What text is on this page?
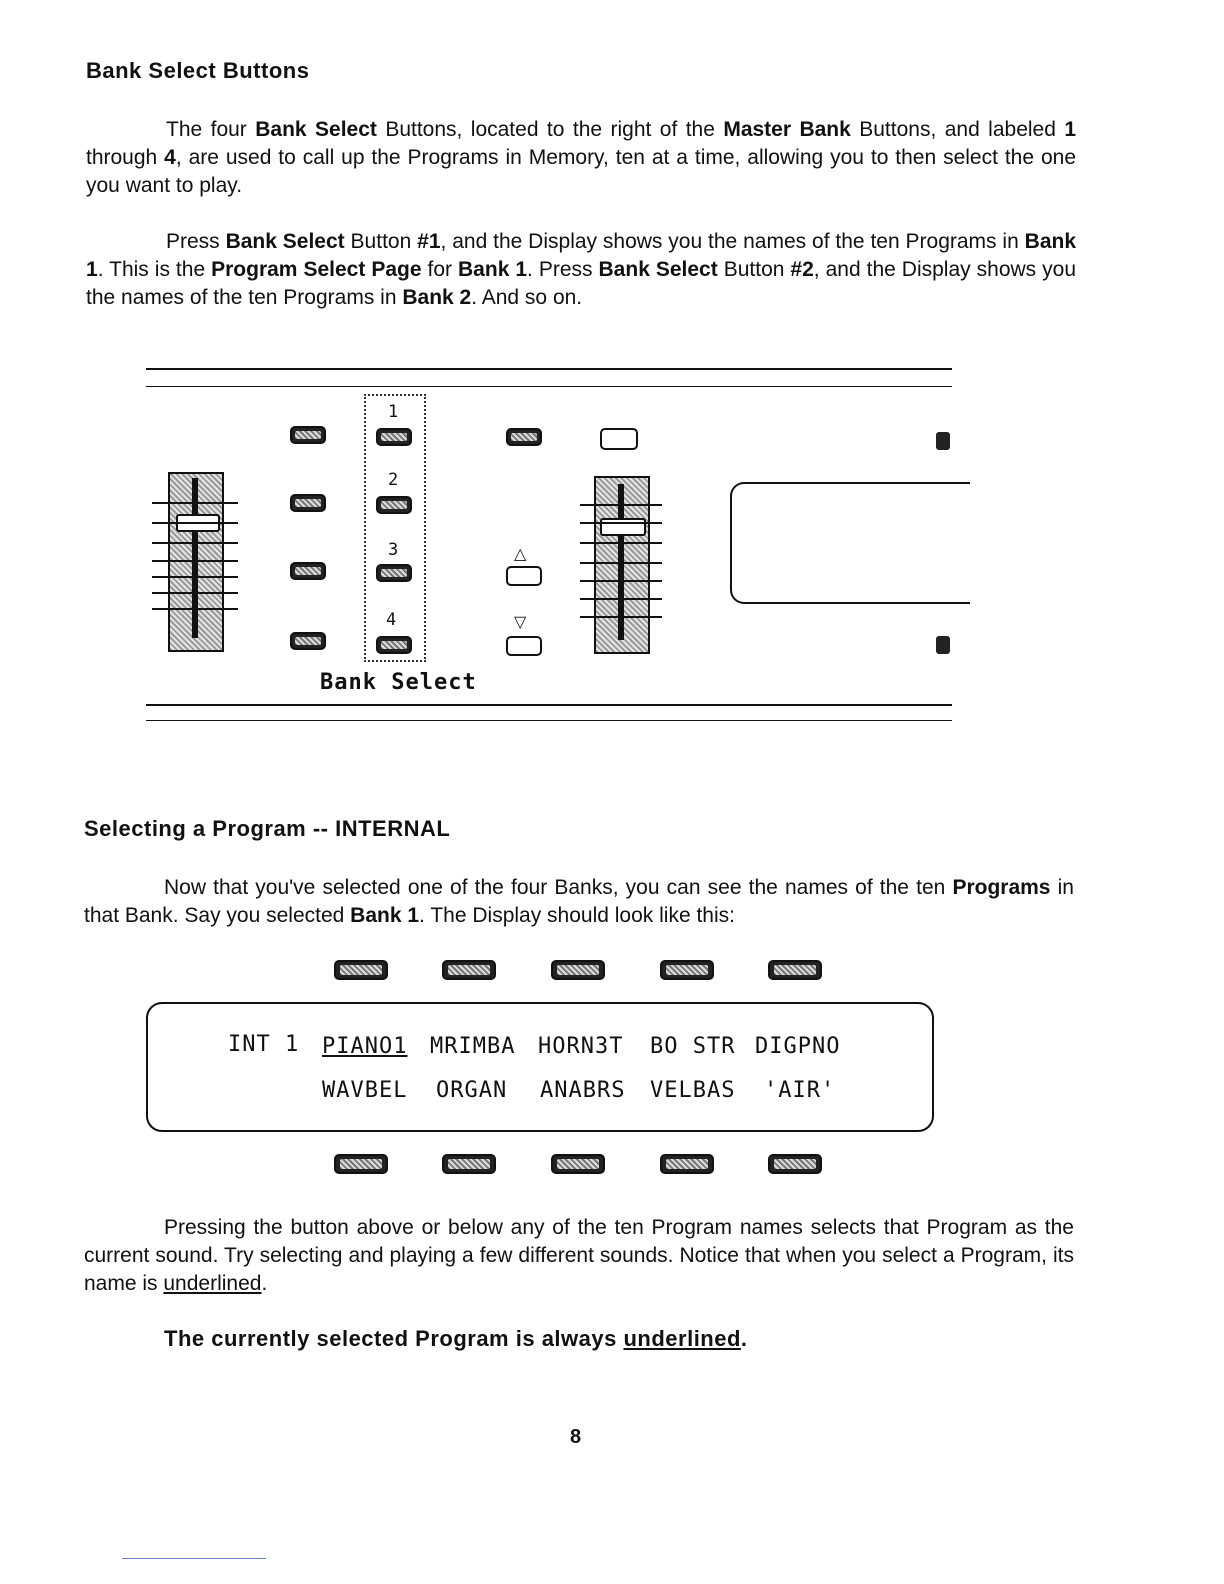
Bank Select Buttons
The four Bank Select Buttons, located to the right of the Master Bank Buttons, and labeled 1 through 4, are used to call up the Programs in Memory, ten at a time, allowing you to then select the one you want to play.
Press Bank Select Button #1, and the Display shows you the names of the ten Programs in Bank 1. This is the Program Select Page for Bank 1. Press Bank Select Button #2, and the Display shows you the names of the ten Programs in Bank 2. And so on.
1
2
3
4
Bank Select
△
▽
Selecting a Program -- INTERNAL
Now that you've selected one of the four Banks, you can see the names of the ten Programs in that Bank. Say you selected Bank 1. The Display should look like this:
INT 1 PIANO1 MRIMBA HORN3T BO STR DIGPNO
WAVBEL ORGAN ANABRS VELBAS 'AIR'
Pressing the button above or below any of the ten Program names selects that Program as the current sound. Try selecting and playing a few different sounds. Notice that when you select a Program, its name is underlined.
The currently selected Program is always underlined.
8
